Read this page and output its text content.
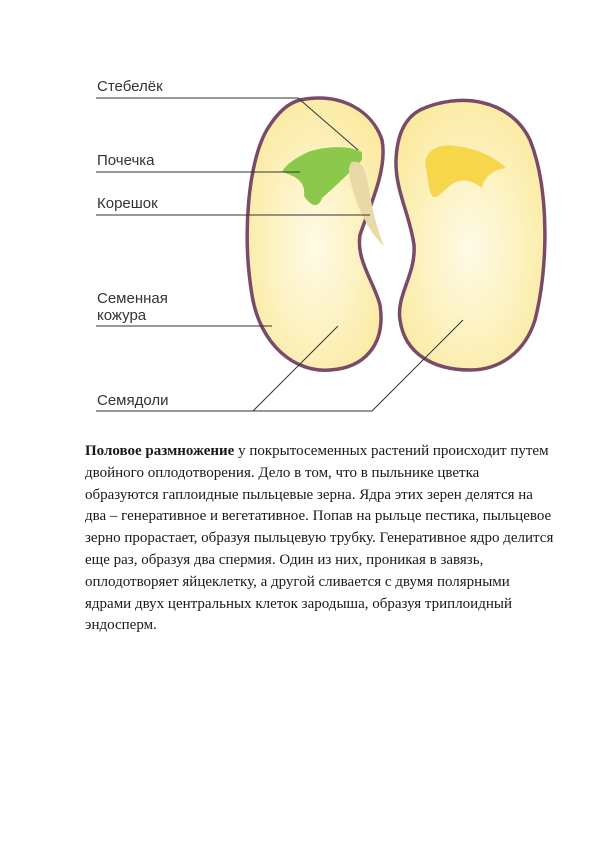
Стебелёк
Почечка
Корешок
Семенная
кожура
Семядоли

Половое размножение у покрытосеменных растений происходит путем двойного оплодотворения. Дело в том, что в пыльнике цветка образуются гаплоидные пыльцевые зерна. Ядра этих зерен делятся на два – генеративное и вегетативное. Попав на рыльце пестика, пыльцевое зерно прорастает, образуя пыльцевую трубку. Генеративное ядро делится еще раз, образуя два спермия. Один из них, проникая в завязь, оплодотворяет яйцеклетку, а другой сливается с двумя полярными ядрами двух центральных клеток зародыша, образуя триплоидный эндосперм.
